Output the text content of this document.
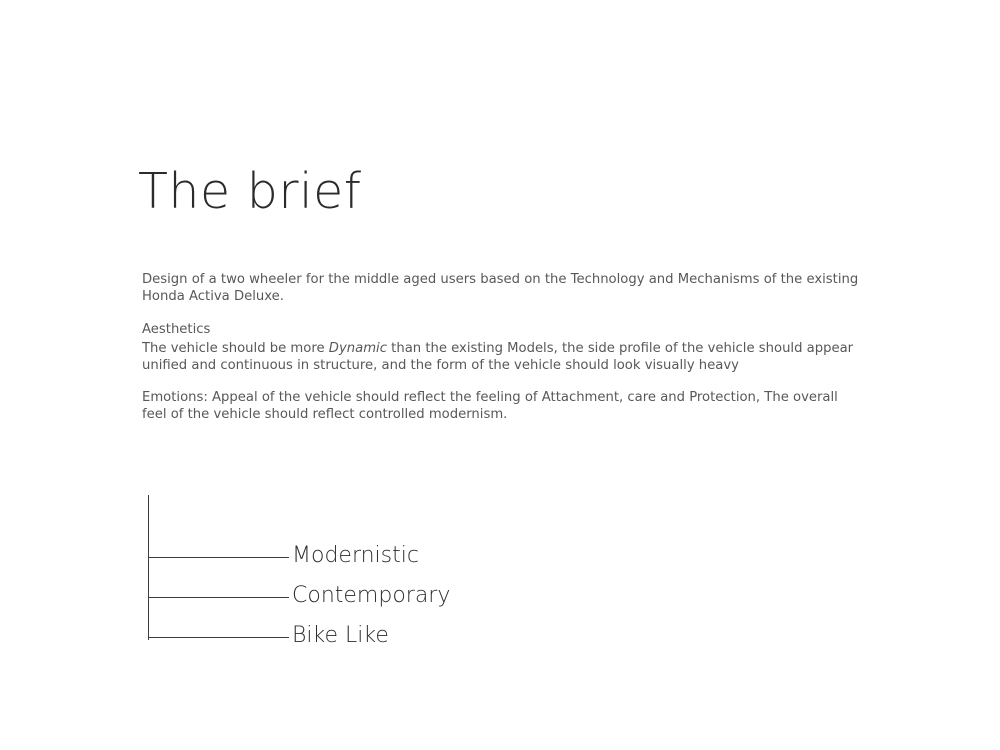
The brief

Design of a two wheeler for the middle aged users based on the Technology and Mechanisms of the existing Honda Activa Deluxe.

Aesthetics

The vehicle should be more Dynamic than the existing Models, the side profile of the vehicle should appear unified and continuous in structure, and the form of the vehicle should look visually heavy

Emotions: Appeal of the vehicle should reflect the feeling of Attachment, care and Protection, The overall feel of the vehicle should reflect controlled modernism.

Modernistic
Contemporary
Bike Like
